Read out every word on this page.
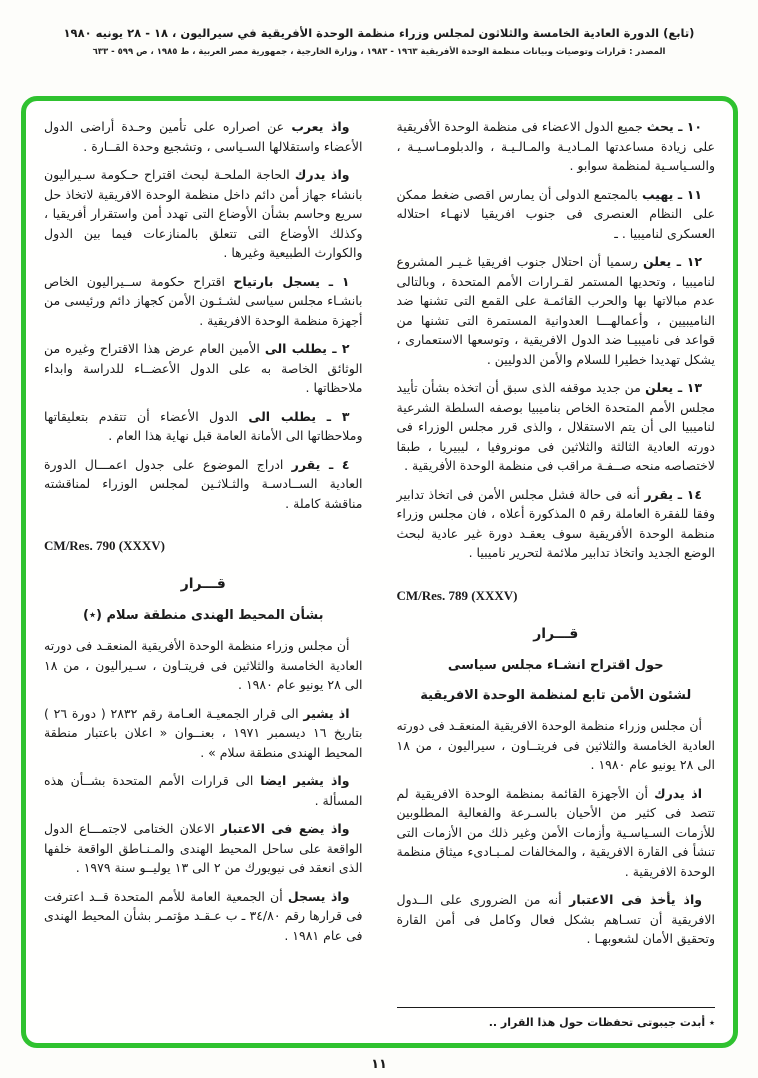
(تابع) الدورة العادية الخامسة والثلاثون لمجلس وزراء منظمة الوحدة الأفريقية في سيراليون ، ١٨ - ٢٨ يونيه ١٩٨٠
المصدر : قرارات وتوصيات وبيانات منظمة الوحدة الأفريقية ١٩٦٣ - ١٩٨٣ ، وزارة الخارجية ، جمهورية مصر العربية ، ط ١٩٨٥ ، ص ٥٩٩ - ٦٣٣

١٠ ـ يحث جميع الدول الاعضاء فى منظمة الوحدة الأفريقية على زيادة مساعدتها المـاديـة والمـالـيـة ، والدبلومـاسـيـة ، والسـياسـية لمنظمة سوابو .

١١ ـ يهيب بالمجتمع الدولى أن يمارس اقصى ضغط ممكن على النظام العنصرى فى جنوب افريقيا لانهـاء احتلاله العسكرى لناميبيا . ـ

١٢ ـ يعلن رسميا أن احتلال جنوب افريقيا غـيـر المشروع لناميبيا ، وتحديها المستمر لقـرارات الأمم المتحدة ، وبالتالى عدم مبالاتها بها والحرب القائمـة على القمع التى تشنها ضد الناميبيين ، وأعمالهـــا العدوانية المستمرة التى تشنها من قواعد فى ناميبيـا ضد الدول الافريقية ، وتوسعها الاستعمارى ، يشكل تهديدا خطيرا للسلام والأمن الدوليين .

١٣ ـ يعلن من جديد موقفه الذى سبق أن اتخذه بشأن تأييد مجلس الأمم المتحدة الخاص بناميبيا بوصفه السلطة الشرعية لناميبيا الى أن يتم الاستقلال ، والذى قرر مجلس الوزراء فى دورته العادية الثالثة والثلاثين فى مونروفيا ، ليبيريا ، طبقا لاختصاصه منحه صــفـة مراقب فى منظمة الوحدة الأفريقية .

١٤ ـ يقرر أنه فى حالة فشل مجلس الأمن فى اتخاذ تدابير وفقا للفقرة العاملة رقم ٥ المذكورة أعلاه ، فان مجلس وزراء منظمة الوحدة الأفريقية سوف يعقـد دورة غير عادية لبحث الوضع الجديد واتخاذ تدابير ملائمة لتحرير ناميبيا .

CM/Res. 789 (XXXV)

قـــرار
حول اقتراح انشـاء مجلس سياسى
لشئون الأمن تابع لمنظمة الوحدة الافريقية

أن مجلس وزراء منظمة الوحدة الافريقية المنعقـد فى دورته العادية الخامسة والثلاثين فى فريتــاون ، سيراليون ، من ١٨ الى ٢٨ يونيو عام ١٩٨٠ .

اذ يدرك أن الأجهزة القائمة بمنظمة الوحدة الافريقية لم تتصد فى كثير من الأحيان بالسـرعة والفعالية المطلوبين للأزمات السـياسـية وأزمات الأمن وغير ذلك من الأزمات التى تنشأ فى القارة الافريقية ، والمخالفات لمـبـادىء ميثاق منظمة الوحدة الافريقية .

واذ يأخذ فى الاعتبار أنه من الضرورى على الــدول الافريقية أن تسـاهم بشكل فعال وكامل فى أمن القارة وتحقيق الأمان لشعوبهـا .

٭ أبدت جيبوتى تحفظات حول هذا القرار ..

واذ يعرب عن اصراره على تأمين وحـدة أراضى الدول الأعضاء واستقلالها السـياسى ، وتشجيع وحدة القــارة .

واذ يدرك الحاجة الملحـة لبحث اقتراح حـكومة سـيراليون بانشاء جهاز أمن دائم داخل منظمة الوحدة الافريقية لاتخاذ حل سريع وحاسم بشأن الأوضاع التى تهدد أمن واستقرار أفريقيا ، وكذلك الأوضاع التى تتعلق بالمنازعات فيما بين الدول والكوارث الطبيعية وغيرها .

١ ـ يسجل بارتياح اقتراح حكومة ســيراليون الخاص بانشـاء مجلس سياسى لشـئـون الأمن كجهاز دائم ورئيسى من أجهزة منظمة الوحدة الافريقية .

٢ ـ يطلب الى الأمين العام عرض هذا الاقتراح وغيره من الوثائق الخاصة به على الدول الأعضــاء للدراسة وابداء ملاحظاتها .

٣ ـ يطلب الى الدول الأعضاء أن تتقدم بتعليقاتها وملاحظاتها الى الأمانة العامة قبل نهاية هذا العام .

٤ ـ يقرر ادراج الموضوع على جدول اعمـــال الدورة العادية الســادسـة والثـلاثـين لمجلس الوزراء لمناقشته مناقشة كاملة .

CM/Res. 790 (XXXV)

قـــرار
بشأن المحيط الهندى منطقة سلام (٭)

أن مجلس وزراء منظمة الوحدة الأفريقية المنعقـد فى دورته العادية الخامسة والثلاثين فى فريتـاون ، سـيراليون ، من ١٨ الى ٢٨ يونيو عام ١٩٨٠ .

اذ يشير الى قرار الجمعيـة العـامة رقم ٢٨٣٢ ( دورة ٢٦ ) بتاريخ ١٦ ديسمبر ١٩٧١ ، بعنــوان « اعلان باعتبار منطقة المحيط الهندى منطقة سلام » .

واذ يشير ايضا الى قرارات الأمم المتحدة بشــأن هذه المسألة .

واذ يضع فى الاعتبار الاعلان الختامى لاجتمـــاع الدول الواقعة على ساحل المحيط الهندى والمـنـاطق الواقعة خلفها الذى انعقد فى نيويورك من ٢ الى ١٣ يوليــو سنة ١٩٧٩ .

واذ يسجل أن الجمعية العامة للأمم المتحدة قــد اعترفت فى قرارها رقم ٣٤/٨٠ ـ ب عـقـد مؤتمـر بشأن المحيط الهندى فى عام ١٩٨١ .

١١
